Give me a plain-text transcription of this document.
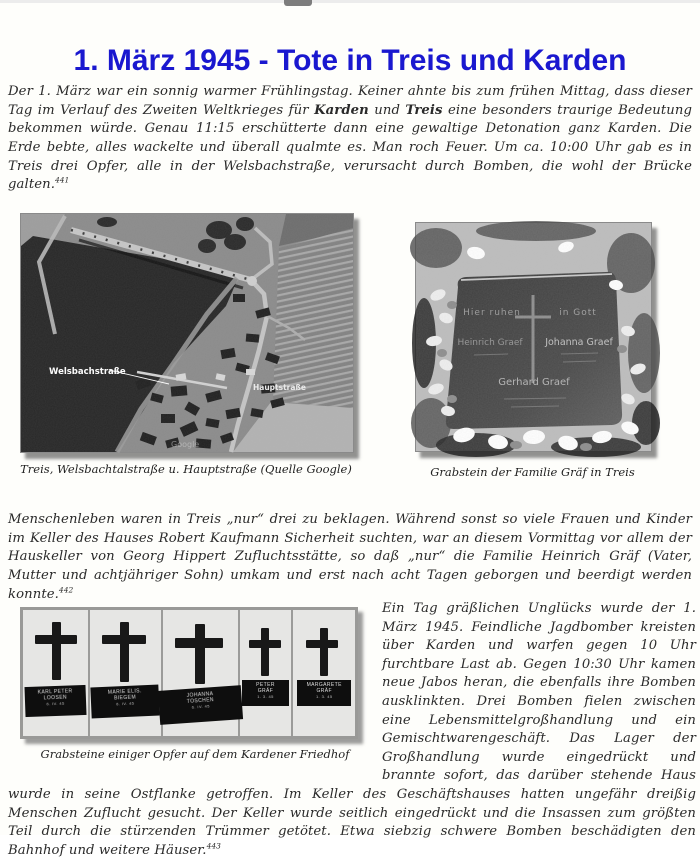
1. März 1945 - Tote in Treis und Karden

Der 1. März war ein sonnig warmer Frühlingstag. Keiner ahnte bis zum frühen Mittag, dass dieser Tag im Verlauf des Zweiten Weltkrieges für Karden und Treis eine besonders traurige Bedeutung bekommen würde. Genau 11:15 erschütterte dann eine gewaltige Detonation ganz Karden. Die Erde bebte, alles wackelte und überall qualmte es. Man roch Feuer. Um ca. 10:00 Uhr gab es in Treis drei Opfer, alle in der Welsbachstraße, verursacht durch Bomben, die wohl der Brücke galten.$^{441}$

Welsbachstraße
Hauptstraße
Google
Treis, Welsbachtalstraße u. Hauptstraße (Quelle Google)
Hier ruhen	in Gott
Heinrich Graef Johanna Graef
Gerhard Graef
Grabstein der Familie Gräf in Treis

Menschenleben waren in Treis „nur“ drei zu beklagen. Während sonst so viele Frauen und Kinder im Keller des Hauses Robert Kaufmann Sicherheit suchten, war an diesem Vormittag vor allem der Hauskeller von Georg Hippert Zufluchtsstätte, so daß „nur“ die Familie Heinrich Gräf (Vater, Mutter und achtjähriger Sohn) umkam und erst nach acht Tagen geborgen und beerdigt werden konnte.$^{442}$

KARL PETER
LOOSEN
6. IV. 45
MARIE ELIS.
BIEGEM
6. IV. 45
JOHANNA
TOSCHEN
6. IV. 45
PETER
GRÄF
1. 3. 45
MARGARETE
GRÄF
1. 3. 45
Grabsteine einiger Opfer auf dem Kardener Friedhof

Ein Tag gräßlichen Unglücks wurde der 1. März 1945. Feindliche Jagdbomber kreisten über Karden und warfen gegen 10 Uhr furchtbare Last ab. Gegen 10:30 Uhr kamen neue Jabos heran, die ebenfalls ihre Bomben ausklinkten. Drei Bomben fielen zwischen eine Lebensmittelgroßhandlung und ein Gemischtwarengeschäft. Das Lager der Großhandlung wurde eingedrückt und brannte sofort, das darüber stehende Haus wurde in seine Ostflanke getroffen. Im Keller des Geschäftshauses hatten ungefähr dreißig Menschen Zuflucht gesucht. Der Keller wurde seitlich eingedrückt und die Insassen zum größten Teil durch die stürzenden Trümmer getötet. Etwa siebzig schwere Bomben beschädigten den Bahnhof und weitere Häuser.$^{443}$
